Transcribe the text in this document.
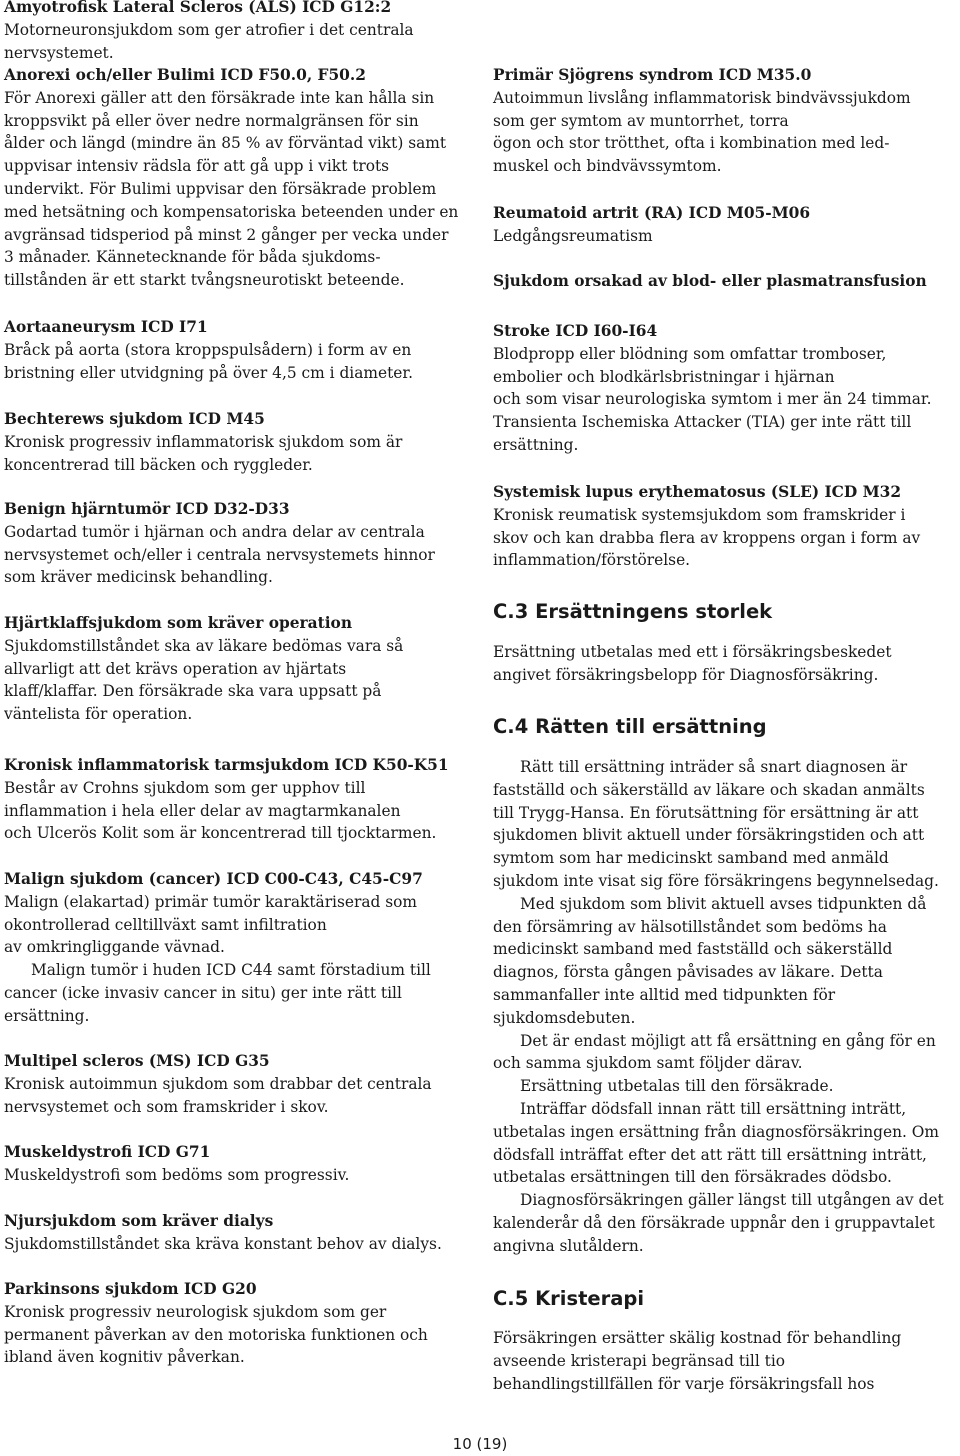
Amyotrofisk Lateral Scleros (ALS) ICD G12:2
Motorneuronsjukdom som ger atrofier i det centrala
nervsystemet.
Anorexi och/eller Bulimi ICD F50.0, F50.2
För Anorexi gäller att den försäkrade inte kan hålla sin
kroppsvikt på eller över nedre normalgränsen för sin
ålder och längd (mindre än 85 % av förväntad vikt) samt
uppvisar intensiv rädsla för att gå upp i vikt trots
undervikt. För Bulimi uppvisar den försäkrade problem
med hetsätning och kompensatoriska beteenden under en
avgränsad tidsperiod på minst 2 gånger per vecka under
3 månader. Kännetecknande för båda sjukdoms-
tillstånden är ett starkt tvångsneurotiskt beteende.
Aortaaneurysm ICD I71
Bråck på aorta (stora kroppspulsådern) i form av en
bristning eller utvidgning på över 4,5 cm i diameter.
Bechterews sjukdom ICD M45
Kronisk progressiv inflammatorisk sjukdom som är
koncentrerad till bäcken och ryggleder.
Benign hjärntumör ICD D32-D33
Godartad tumör i hjärnan och andra delar av centrala
nervsystemet och/eller i centrala nervsystemets hinnor
som kräver medicinsk behandling.
Hjärtklaffsjukdom som kräver operation
Sjukdomstillståndet ska av läkare bedömas vara så
allvarligt att det krävs operation av hjärtats
klaff/klaffar. Den försäkrade ska vara uppsatt på
väntelista för operation.
Kronisk inflammatorisk tarmsjukdom ICD K50-K51
Består av Crohns sjukdom som ger upphov till
inflammation i hela eller delar av magtarmkanalen
och Ulcerös Kolit som är koncentrerad till tjocktarmen.
Malign sjukdom (cancer) ICD C00-C43, C45-C97
Malign (elakartad) primär tumör karaktäriserad som
okontrollerad celltillväxt samt infiltration
av omkringliggande vävnad.
Malign tumör i huden ICD C44 samt förstadium till
cancer (icke invasiv cancer in situ) ger inte rätt till
ersättning.
Multipel scleros (MS) ICD G35
Kronisk autoimmun sjukdom som drabbar det centrala
nervsystemet och som framskrider i skov.
Muskeldystrofi ICD G71
Muskeldystrofi som bedöms som progressiv.
Njursjukdom som kräver dialys
Sjukdomstillståndet ska kräva konstant behov av dialys.
Parkinsons sjukdom ICD G20
Kronisk progressiv neurologisk sjukdom som ger
permanent påverkan av den motoriska funktionen och
ibland även kognitiv påverkan.
Primär Sjögrens syndrom ICD M35.0
Autoimmun livslång inflammatorisk bindvävssjukdom
som ger symtom av muntorrhet, torra
ögon och stor trötthet, ofta i kombination med led-
muskel och bindvävssymtom.
Reumatoid artrit (RA) ICD M05-M06
Ledgångsreumatism
Sjukdom orsakad av blod- eller plasmatransfusion
Stroke ICD I60-I64
Blodpropp eller blödning som omfattar tromboser,
embolier och blodkärlsbristningar i hjärnan
och som visar neurologiska symtom i mer än 24 timmar.
Transienta Ischemiska Attacker (TIA) ger inte rätt till
ersättning.
Systemisk lupus erythematosus (SLE) ICD M32
Kronisk reumatisk systemsjukdom som framskrider i
skov och kan drabba flera av kroppens organ i form av
inflammation/förstörelse.
C.3 Ersättningens storlek
Ersättning utbetalas med ett i försäkringsbeskedet
angivet försäkringsbelopp för Diagnosförsäkring.
C.4 Rätten till ersättning
Rätt till ersättning inträder så snart diagnosen är
fastställd och säkerställd av läkare och skadan anmälts
till Trygg-Hansa. En förutsättning för ersättning är att
sjukdomen blivit aktuell under försäkringstiden och att
symtom som har medicinskt samband med anmäld
sjukdom inte visat sig före försäkringens begynnelsedag.
Med sjukdom som blivit aktuell avses tidpunkten då
den försämring av hälsotillståndet som bedöms ha
medicinskt samband med fastställd och säkerställd
diagnos, första gången påvisades av läkare. Detta
sammanfaller inte alltid med tidpunkten för
sjukdomsdebuten.
Det är endast möjligt att få ersättning en gång för en
och samma sjukdom samt följder därav.
Ersättning utbetalas till den försäkrade.
Inträffar dödsfall innan rätt till ersättning inträtt,
utbetalas ingen ersättning från diagnosförsäkringen. Om
dödsfall inträffat efter det att rätt till ersättning inträtt,
utbetalas ersättningen till den försäkrades dödsbo.
Diagnosförsäkringen gäller längst till utgången av det
kalenderår då den försäkrade uppnår den i gruppavtalet
angivna slutåldern.
C.5 Kristerapi
Försäkringen ersätter skälig kostnad för behandling
avseende kristerapi begränsad till tio
behandlingstillfällen för varje försäkringsfall hos
10 (19)
